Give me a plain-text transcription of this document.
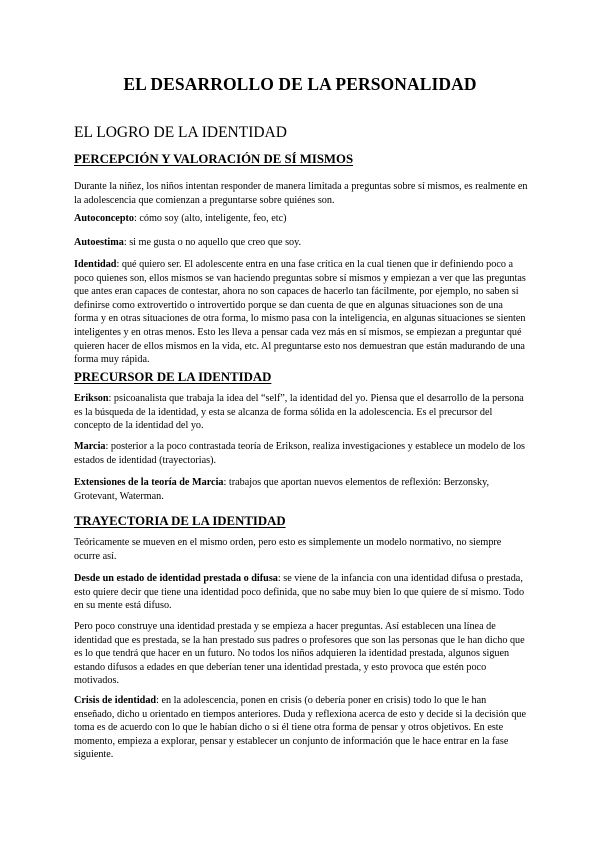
EL DESARROLLO DE LA PERSONALIDAD
EL LOGRO DE LA IDENTIDAD
PERCEPCIÓN Y VALORACIÓN DE SÍ MISMOS
Durante la niñez, los niños intentan responder de manera limitada a preguntas sobre sí mismos, es realmente en la adolescencia que comienzan a preguntarse sobre quiénes son.
Autoconcepto: cómo soy (alto, inteligente, feo, etc)
Autoestima: si me gusta o no aquello que creo que soy.
Identidad: qué quiero ser. El adolescente entra en una fase crítica en la cual tienen que ir definiendo poco a poco quienes son, ellos mismos se van haciendo preguntas sobre sí mismos y empiezan a ver que las preguntas que antes eran capaces de contestar, ahora no son capaces de hacerlo tan fácilmente, por ejemplo, no saben si definirse como extrovertido o introvertido porque se dan cuenta de que en algunas situaciones son de una forma y en otras situaciones de otra forma, lo mismo pasa con la inteligencia, en algunas situaciones se sienten inteligentes y en otras menos. Esto les lleva a pensar cada vez más en sí mismos, se empiezan a preguntar qué quieren hacer de ellos mismos en la vida, etc. Al preguntarse esto nos demuestran que están madurando de una forma muy rápida.
PRECURSOR DE LA IDENTIDAD
Erikson: psicoanalista que trabaja la idea del “self”, la identidad del yo. Piensa que el desarrollo de la persona es la búsqueda de la identidad, y esta se alcanza de forma sólida en la adolescencia. Es el precursor del concepto de la identidad del yo.
Marcia: posterior a la poco contrastada teoría de Erikson, realiza investigaciones y establece un modelo de los estados de identidad (trayectorias).
Extensiones de la teoría de Marcia: trabajos que aportan nuevos elementos de reflexión: Berzonsky, Grotevant, Waterman.
TRAYECTORIA DE LA IDENTIDAD
Teóricamente se mueven en el mismo orden, pero esto es simplemente un modelo normativo, no siempre ocurre así.
Desde un estado de identidad prestada o difusa: se viene de la infancia con una identidad difusa o prestada, esto quiere decir que tiene una identidad poco definida, que no sabe muy bien lo que quiere de sí mismo. Todo en su mente está difuso.
Pero poco construye una identidad prestada y se empieza a hacer preguntas. Así establecen una línea de identidad que es prestada, se la han prestado sus padres o profesores que son las personas que le han dicho que es lo que tendrá que hacer en un futuro. No todos los niños adquieren la identidad prestada, algunos siguen estando difusos a edades en que deberían tener una identidad prestada, y esto provoca que estén poco motivados.
Crisis de identidad: en la adolescencia, ponen en crisis (o debería poner en crisis) todo lo que le han enseñado, dicho u orientado en tiempos anteriores. Duda y reflexiona acerca de esto y decide si la decisión que toma es de acuerdo con lo que le habían dicho o si él tiene otra forma de pensar y otros objetivos. En este momento, empieza a explorar, pensar y establecer un conjunto de información que le hace entrar en la fase siguiente.
